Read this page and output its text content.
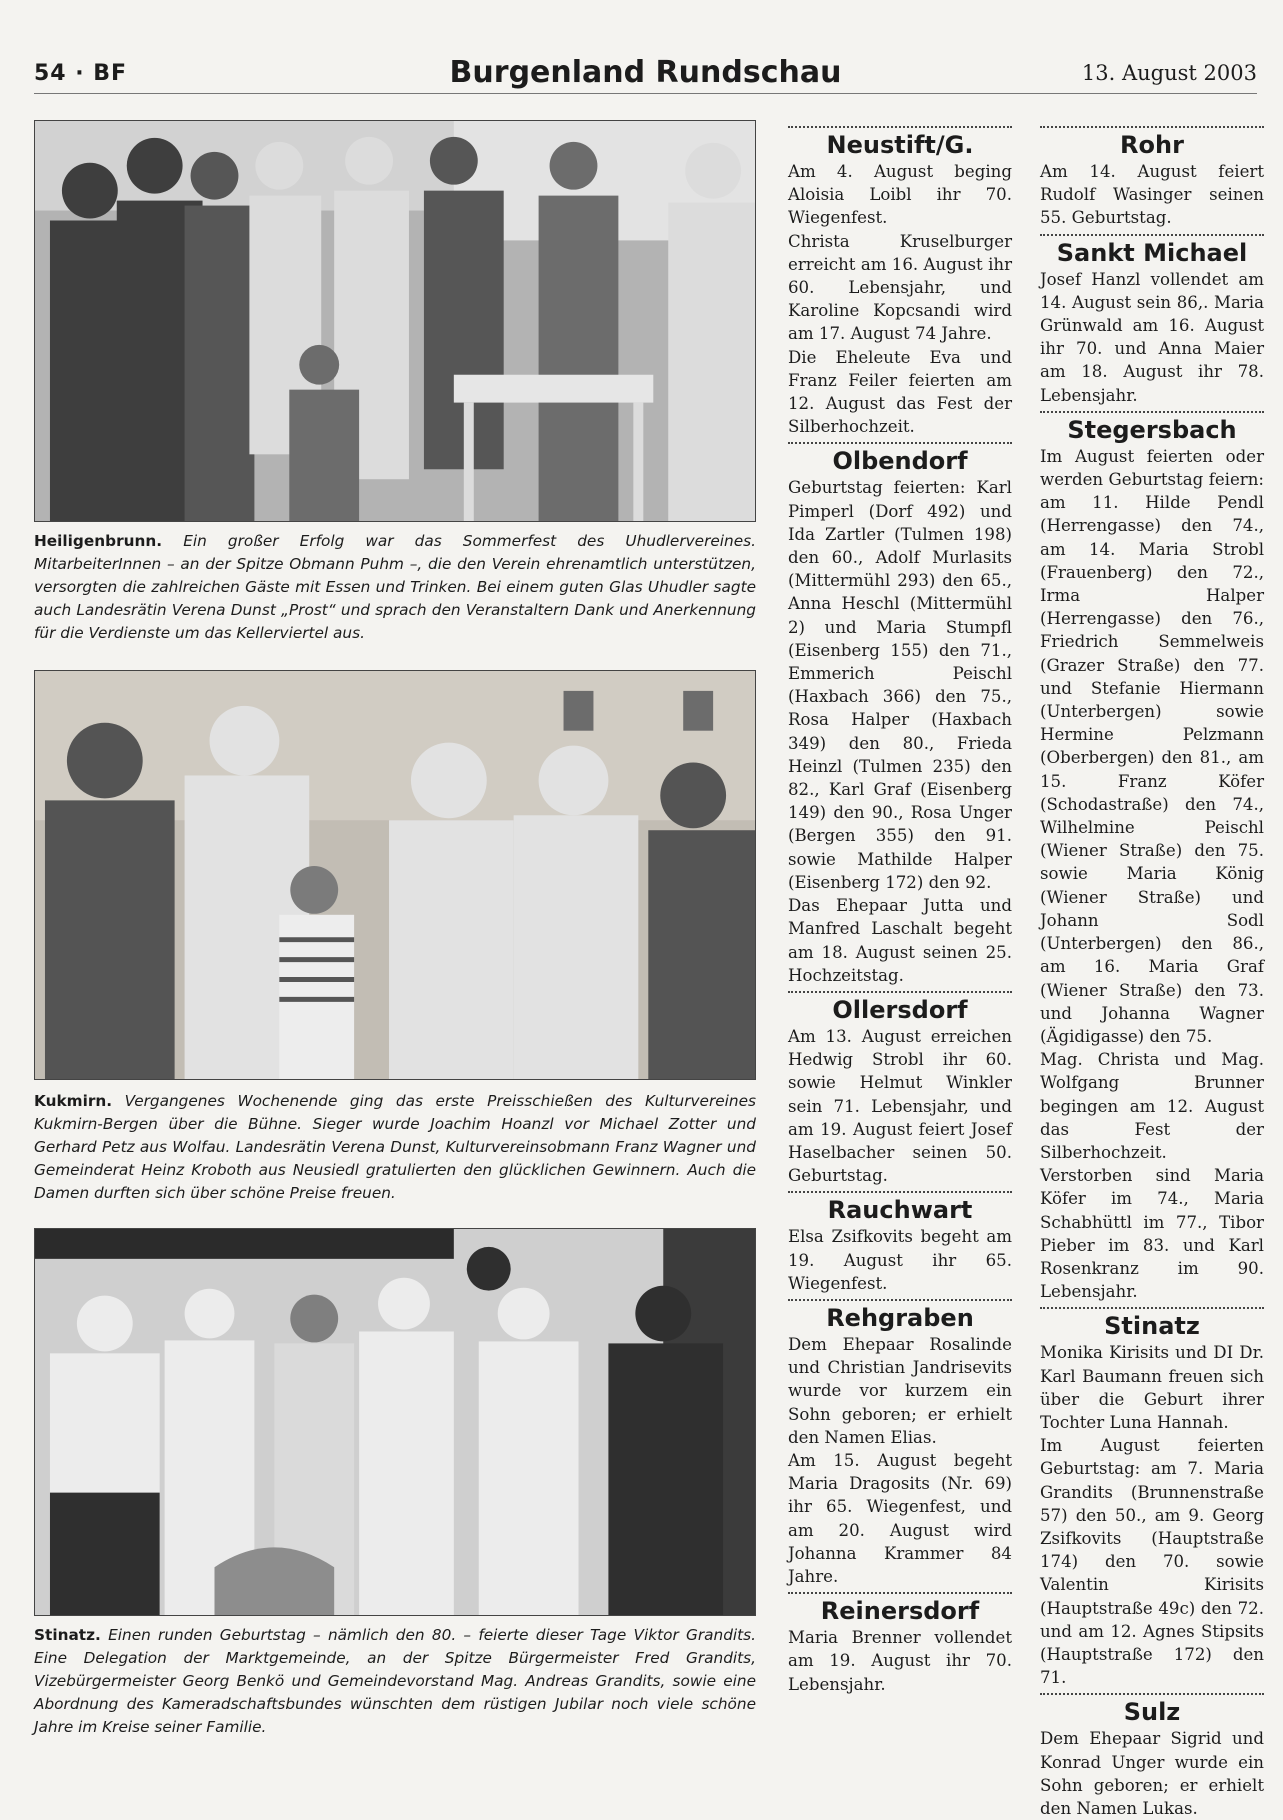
54 · BF	Burgenland Rundschau	13. August 2003
Heiligenbrunn. Ein großer Erfolg war das Sommerfest des Uhudlervereines. MitarbeiterInnen – an der Spitze Obmann Puhm –, die den Verein ehrenamtlich unterstützen, versorgten die zahlreichen Gäste mit Essen und Trinken. Bei einem guten Glas Uhudler sagte auch Landesrätin Verena Dunst „Prost“ und sprach den Veranstaltern Dank und Anerkennung für die Verdienste um das Kellerviertel aus.
Kukmirn. Vergangenes Wochenende ging das erste Preisschießen des Kulturvereines Kukmirn-Bergen über die Bühne. Sieger wurde Joachim Hoanzl vor Michael Zotter und Gerhard Petz aus Wolfau. Landesrätin Verena Dunst, Kulturvereinsobmann Franz Wagner und Gemeinderat Heinz Kroboth aus Neusiedl gratulierten den glücklichen Gewinnern. Auch die Damen durften sich über schöne Preise freuen.
Stinatz. Einen runden Geburtstag – nämlich den 80. – feierte dieser Tage Viktor Grandits. Eine Delegation der Marktgemeinde, an der Spitze Bürgermeister Fred Grandits, Vizebürgermeister Georg Benkö und Gemeindevorstand Mag. Andreas Grandits, sowie eine Abordnung des Kameradschaftsbundes wünschten dem rüstigen Jubilar noch viele schöne Jahre im Kreise seiner Familie.
Neustift/G.
Am 4. August beging Aloisia Loibl ihr 70. Wiegenfest.
Christa Kruselburger erreicht am 16. August ihr 60. Lebensjahr, und Karoline Kopcsandi wird am 17. August 74 Jahre.
Die Eheleute Eva und Franz Feiler feierten am 12. August das Fest der Silberhochzeit.
Olbendorf
Geburtstag feierten: Karl Pimperl (Dorf 492) und Ida Zartler (Tulmen 198) den 60., Adolf Murlasits (Mittermühl 293) den 65., Anna Heschl (Mittermühl 2) und Maria Stumpfl (Eisenberg 155) den 71., Emmerich Peischl (Haxbach 366) den 75., Rosa Halper (Haxbach 349) den 80., Frieda Heinzl (Tulmen 235) den 82., Karl Graf (Eisenberg 149) den 90., Rosa Unger (Bergen 355) den 91. sowie Mathilde Halper (Eisenberg 172) den 92.
Das Ehepaar Jutta und Manfred Laschalt begeht am 18. August seinen 25. Hochzeitstag.
Ollersdorf
Am 13. August erreichen Hedwig Strobl ihr 60. sowie Helmut Winkler sein 71. Lebensjahr, und am 19. August feiert Josef Haselbacher seinen 50. Geburtstag.
Rauchwart
Elsa Zsifkovits begeht am 19. August ihr 65. Wiegenfest.
Rehgraben
Dem Ehepaar Rosalinde und Christian Jandrisevits wurde vor kurzem ein Sohn geboren; er erhielt den Namen Elias.
Am 15. August begeht Maria Dragosits (Nr. 69) ihr 65. Wiegenfest, und am 20. August wird Johanna Krammer 84 Jahre.
Reinersdorf
Maria Brenner vollendet am 19. August ihr 70. Lebensjahr.
Rohr
Am 14. August feiert Rudolf Wasinger seinen 55. Geburtstag.
Sankt Michael
Josef Hanzl vollendet am 14. August sein 86,. Maria Grünwald am 16. August ihr 70. und Anna Maier am 18. August ihr 78. Lebensjahr.
Stegersbach
Im August feierten oder werden Geburtstag feiern: am 11. Hilde Pendl (Herrengasse) den 74., am 14. Maria Strobl (Frauenberg) den 72., Irma Halper (Herrengasse) den 76., Friedrich Semmelweis (Grazer Straße) den 77. und Stefanie Hiermann (Unterbergen) sowie Hermine Pelzmann (Oberbergen) den 81., am 15. Franz Köfer (Schodastraße) den 74., Wilhelmine Peischl (Wiener Straße) den 75. sowie Maria König (Wiener Straße) und Johann Sodl (Unterbergen) den 86., am 16. Maria Graf (Wiener Straße) den 73. und Johanna Wagner (Ägidigasse) den 75.
Mag. Christa und Mag. Wolfgang Brunner begingen am 12. August das Fest der Silberhochzeit.
Verstorben sind Maria Köfer im 74., Maria Schabhüttl im 77., Tibor Pieber im 83. und Karl Rosenkranz im 90. Lebensjahr.
Stinatz
Monika Kirisits und DI Dr. Karl Baumann freuen sich über die Geburt ihrer Tochter Luna Hannah.
Im August feierten Geburtstag: am 7. Maria Grandits (Brunnenstraße 57) den 50., am 9. Georg Zsifkovits (Hauptstraße 174) den 70. sowie Valentin Kirisits (Hauptstraße 49c) den 72. und am 12. Agnes Stipsits (Hauptstraße 172) den 71.
Sulz
Dem Ehepaar Sigrid und Konrad Unger wurde ein Sohn geboren; er erhielt den Namen Lukas.
